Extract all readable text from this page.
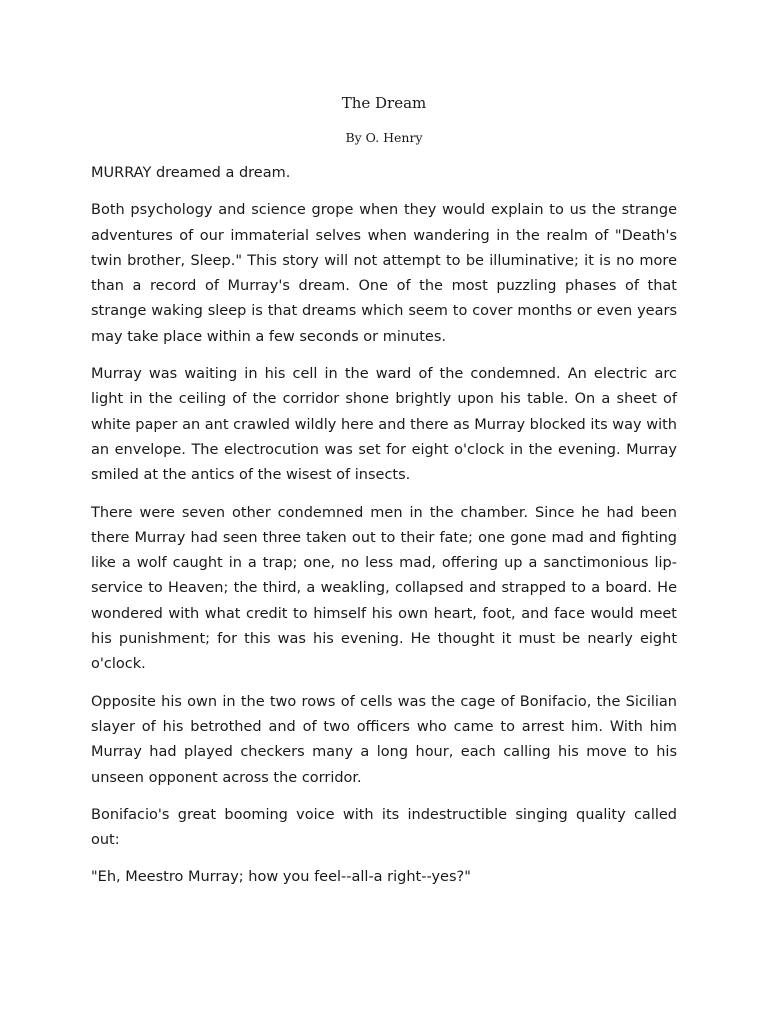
The Dream
By O. Henry

MURRAY dreamed a dream.

Both psychology and science grope when they would explain to us the strange adventures of our immaterial selves when wandering in the realm of "Death's twin brother, Sleep." This story will not attempt to be illuminative; it is no more than a record of Murray's dream. One of the most puzzling phases of that strange waking sleep is that dreams which seem to cover months or even years may take place within a few seconds or minutes.

Murray was waiting in his cell in the ward of the condemned. An electric arc light in the ceiling of the corridor shone brightly upon his table. On a sheet of white paper an ant crawled wildly here and there as Murray blocked its way with an envelope. The electrocution was set for eight o'clock in the evening. Murray smiled at the antics of the wisest of insects.

There were seven other condemned men in the chamber. Since he had been there Murray had seen three taken out to their fate; one gone mad and fighting like a wolf caught in a trap; one, no less mad, offering up a sanctimonious lip-service to Heaven; the third, a weakling, collapsed and strapped to a board. He wondered with what credit to himself his own heart, foot, and face would meet his punishment; for this was his evening. He thought it must be nearly eight o'clock.

Opposite his own in the two rows of cells was the cage of Bonifacio, the Sicilian slayer of his betrothed and of two officers who came to arrest him. With him Murray had played checkers many a long hour, each calling his move to his unseen opponent across the corridor.

Bonifacio's great booming voice with its indestructible singing quality called out:

"Eh, Meestro Murray; how you feel--all-a right--yes?"
